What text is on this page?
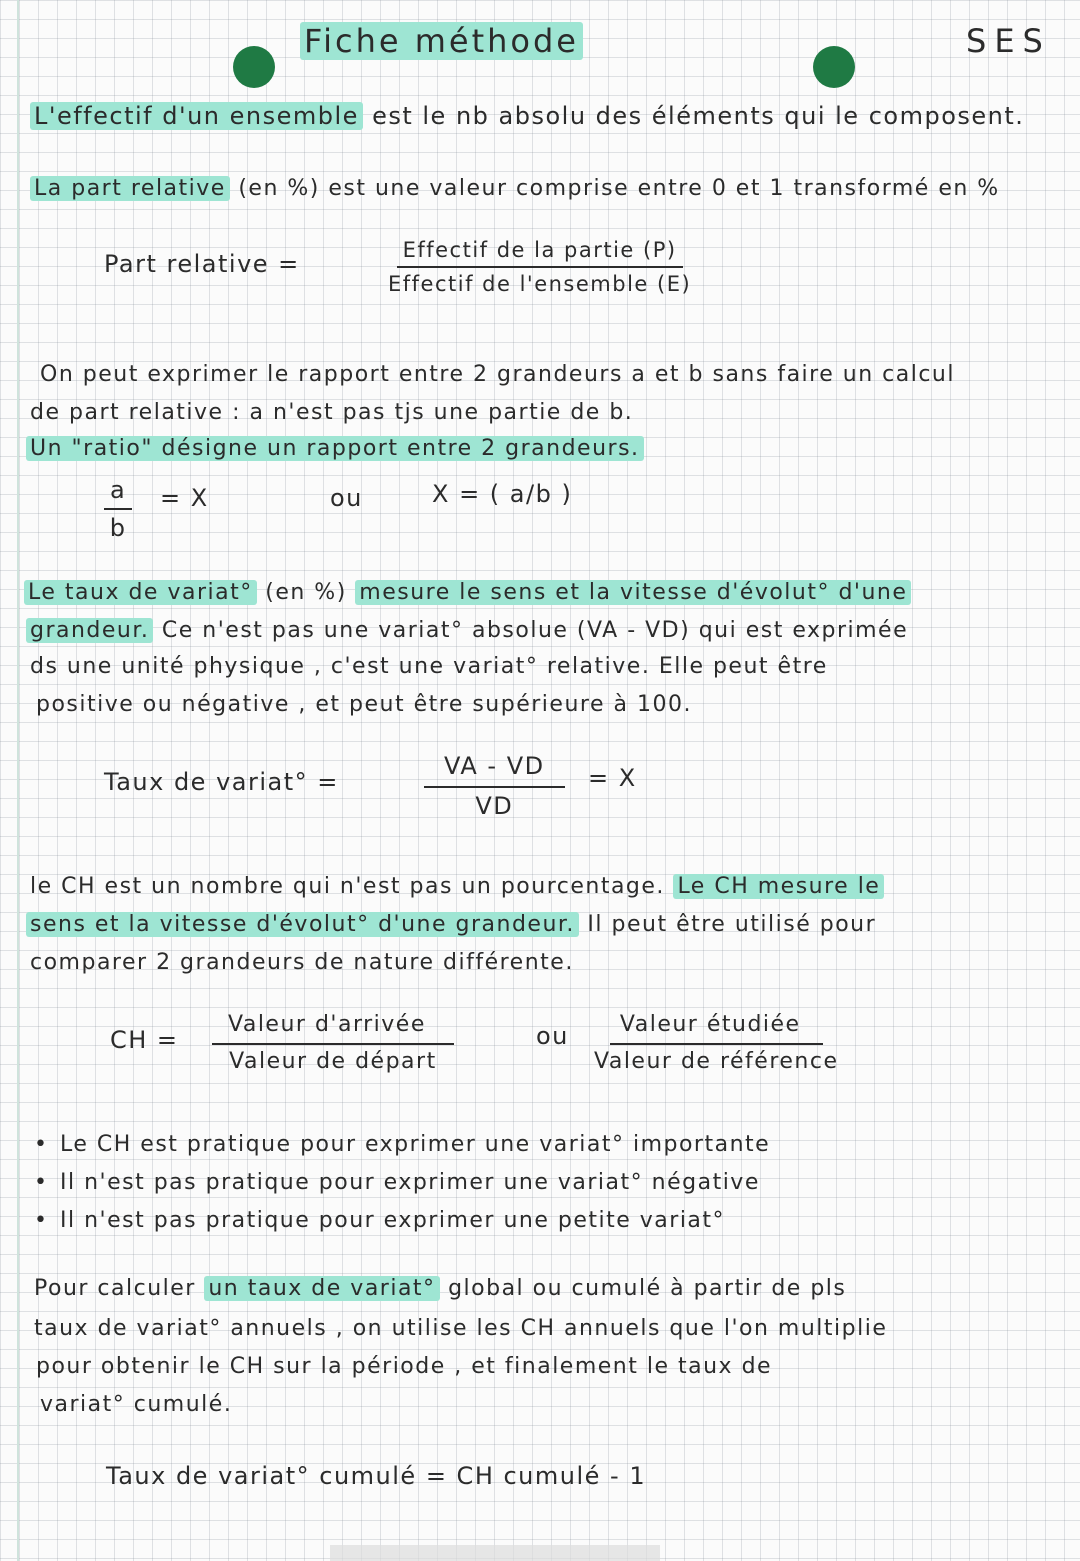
Fiche méthode	SES
L'effectif d'un ensemble est le nb absolu des éléments qui le composent.
La part relative (en %) est une valeur comprise entre 0 et 1 transformé en %
Part relative =	Effectif de la partie (P)
Effectif de l'ensemble (E)
On peut exprimer le rapport entre 2 grandeurs a et b sans faire un calcul
de part relative : a n'est pas tjs une partie de b.
Un "ratio" désigne un rapport entre 2 grandeurs.
$\frac{a}{b} = X$	ou	X = ( a/b )
Le taux de variat° (en %) mesure le sens et la vitesse d'évolut° d'une
grandeur. Ce n'est pas une variat° absolue (VA - VD) qui est exprimée
ds une unité physique , c'est une variat° relative. Elle peut être
positive ou négative , et peut être supérieure à 100.
Taux de variat° =	$\frac{VA - VD}{VD} = X$
le CH est un nombre qui n'est pas un pourcentage. Le CH mesure le
sens et la vitesse d'évolut° d'une grandeur. Il peut être utilisé pour
comparer 2 grandeurs de nature différente.
CH =
Valeur d'arrivée
Valeur de départ
ou	Valeur étudiée
Valeur de référence
• Le CH est pratique pour exprimer une variat° importante
• Il n'est pas pratique pour exprimer une variat° négative
• Il n'est pas pratique pour exprimer une petite variat°
Pour calculer un taux de variat° global ou cumulé à partir de pls
taux de variat° annuels , on utilise les CH annuels que l'on multiplie
pour obtenir le CH sur la période , et finalement le taux de
variat° cumulé.
Taux de variat° cumulé = CH cumulé - 1
